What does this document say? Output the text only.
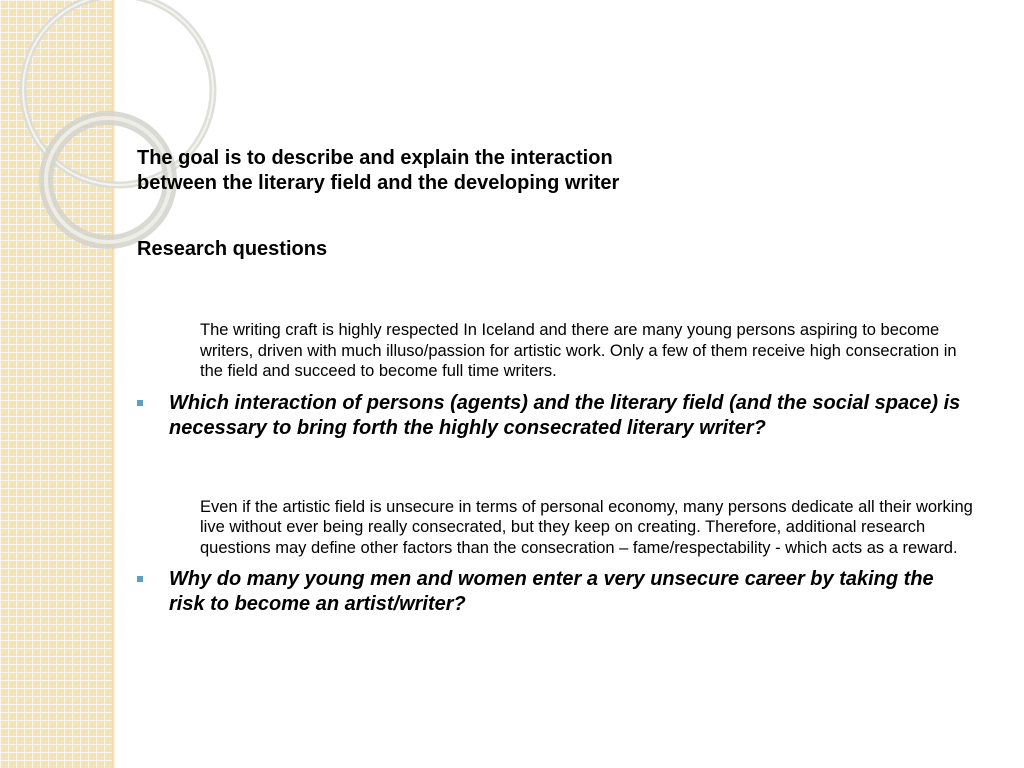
The goal is to describe and explain the interaction
between the literary field and the developing writer

Research questions

The writing craft is highly respected In Iceland and there are many young persons aspiring to become writers, driven with much illuso/passion for artistic work. Only a few of them receive high consecration in the field and succeed to become full time writers.

Which interaction of persons (agents) and the literary field (and the social space) is necessary to bring forth the highly consecrated literary writer?

Even if the artistic field is unsecure in terms of personal economy, many persons dedicate all their working live without ever being really consecrated, but they keep on creating. Therefore, additional research questions may define other factors than the consecration – fame/respectability - which acts as a reward.

Why do many young men and women enter a very unsecure career by taking the risk to become an artist/writer?
